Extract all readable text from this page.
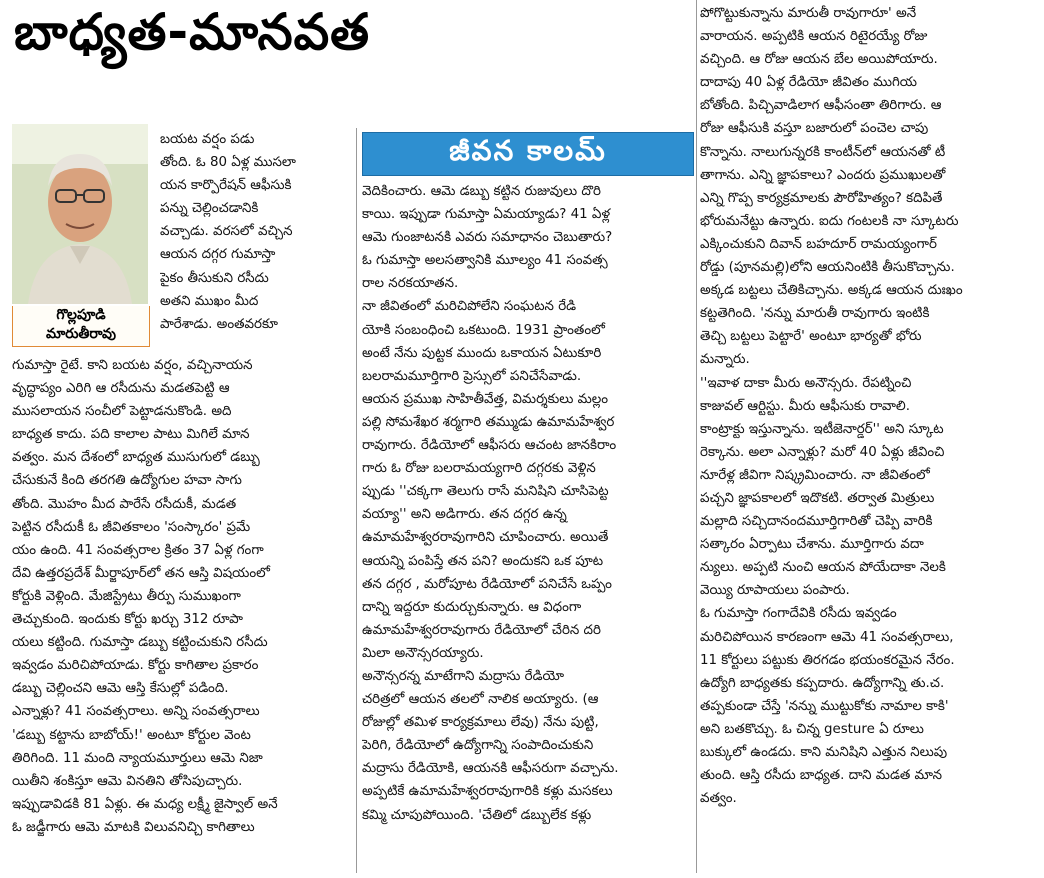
బాధ్యత-మానవత
గొల్లపూడి
మారుతీరావు
జీవన కాలమ్
బయట వర్షం పడు
తోంది. ఓ 80 ఏళ్ల ముసలా
యన కార్పొరేషన్ ఆఫీసుకి
పన్ను చెల్లించడానికి
వచ్చాడు. వరసలో వచ్చిన
ఆయన దగ్గర గుమాస్తా
పైకం తీసుకుని రసీదు
అతని ముఖం మీద
పారేశాడు. అంతవరకూ
గుమాస్తా రైటే. కాని బయట వర్షం, వచ్చినాయన
వృద్ధాప్యం ఎరిగి ఆ రసీదును మడతపెట్టి ఆ
ముసలాయన సంచీలో పెట్టాడనుకొండి. అది
బాధ్యత కాదు. పది కాలాల పాటు మిగిలే మాన
వత్వం. మన దేశంలో బాధ్యత ముసుగులో డబ్బు
చేసుకునే కింది తరగతి ఉద్యోగుల హవా సాగు
తోంది. మొహం మీద పారేసే రసీదుకీ, మడత
పెట్టిన రసీదుకీ ఓ జీవితకాలం 'సంస్కారం' ప్రమే
యం ఉంది. 41 సంవత్సరాల క్రితం 37 ఏళ్ల గంగా
దేవి ఉత్తరప్రదేశ్ మీర్జాపూర్‌లో తన ఆస్తి విషయంలో
కోర్టుకి వెళ్లింది. మేజిస్ట్రేటు తీర్పు సుముఖంగా
తెచ్చుకుంది. ఇందుకు కోర్టు ఖర్చు 312 రూపా
యలు కట్టింది. గుమాస్తా డబ్బు కట్టించుకుని రసీదు
ఇవ్వడం మరిచిపోయాడు. కోర్టు కాగితాల ప్రకారం
డబ్బు చెల్లించని ఆమె ఆస్తి కేసుల్లో పడింది.
ఎన్నాళ్లు? 41 సంవత్సరాలు. అన్ని సంవత్సరాలు
'డబ్బు కట్టాను బాబోయ్!' అంటూ కోర్టుల వెంట
తిరిగింది. 11 మంది న్యాయమూర్తులు ఆమె నిజా
యితీని శంకిస్తూ ఆమె వినతిని తోసిపుచ్చారు.
ఇప్పుడావిడకి 81 ఏళ్లు. ఈ మధ్య లక్ష్మీ జైస్వాల్ అనే
ఓ జడ్జీగారు ఆమె మాటకి విలువనిచ్చి కాగితాలు
వెదికించారు. ఆమె డబ్బు కట్టిన రుజువులు దొరి
కాయి. ఇప్పుడా గుమాస్తా ఏమయ్యాడు? 41 ఏళ్ల
ఆమె గుంజాటనకి ఎవరు సమాధానం చెబుతారు?
ఓ గుమాస్తా అలసత్వానికి మూల్యం 41 సంవత్స
రాల నరకయాతన.
నా జీవితంలో మరిచిపోలేని సంఘటన రేడి
యోకి సంబంధించి ఒకటుంది. 1931 ప్రాంతంలో
అంటే నేను పుట్టక ముందు ఒకాయన ఏటుకూరి
బలరామమూర్తిగారి ప్రెస్సులో పనిచేసేవాడు.
ఆయన ప్రముఖ సాహితీవేత్త, విమర్శకులు మల్లం
పల్లి సోమశేఖర శర్మగారి తమ్ముడు ఉమామహేశ్వర
రావుగారు. రేడియోలో ఆఫీసరు ఆచంట జానకిరాం
గారు ఓ రోజు బలరామయ్యగారి దగ్గరకు వెళ్లిన
ప్పుడు ''చక్కగా తెలుగు రాసే మనిషిని చూసిపెట్ట
వయ్యా'' అని అడిగారు. తన దగ్గర ఉన్న
ఉమామహేశ్వరరావుగారిని చూపించారు. అయితే
ఆయన్ని పంపిస్తే తన పని? అందుకని ఒక పూట
తన దగ్గర , మరోపూట రేడియోలో పనిచేసే ఒప్పం
దాన్ని ఇద్దరూ కుదుర్చుకున్నారు. ఆ విధంగా
ఉమామహేశ్వరరావుగారు రేడియోలో చేరిన దరి
మిలా అనౌన్సరయ్యారు.
అనౌన్సరన్న మాటేగాని మద్రాసు రేడియో
చరిత్రలో ఆయన తలలో నాలిక అయ్యారు. (ఆ
రోజుల్లో తమిళ కార్యక్రమాలు లేవు) నేను పుట్టి,
పెరిగి, రేడియోలో ఉద్యోగాన్ని సంపాదించుకుని
మద్రాసు రేడియోకి, ఆయనకి ఆఫీసరుగా వచ్చాను.
అప్పటికే ఉమామహేశ్వరరావుగారికి కళ్లు మసకలు
కమ్మి చూపుపోయింది. 'చేతిలో డబ్బులేక కళ్లు
పోగొట్టుకున్నాను మారుతీ రావుగారూ' అనే
వారాయన. అప్పటికి ఆయన రిటైరయ్యే రోజు
వచ్చింది. ఆ రోజు ఆయన బేల అయిపోయారు.
దాదాపు 40 ఏళ్ల రేడియో జీవితం ముగియ
బోతోంది. పిచ్చివాడిలాగ ఆఫీసంతా తిరిగారు. ఆ
రోజు ఆఫీసుకి వస్తూ బజారులో పంచెల చాపు
కొన్నాను. నాలుగున్నరకి కాంటీన్‌లో ఆయనతో టీ
తాగాను. ఎన్ని జ్ఞాపకాలు? ఎందరు ప్రముఖులతో
ఎన్ని గొప్ప కార్యక్రమాలకు పౌరోహిత్యం? కదిపితే
భోరుమనేట్టు ఉన్నారు. ఐదు గంటలకి నా స్కూటరు
ఎక్కించుకుని దివాన్ బహదూర్ రామయ్యంగార్
రోడ్డు (పూనమల్లి)లోని ఆయనింటికి తీసుకొచ్చాను.
అక్కడ బట్టలు చేతికిచ్చాను. అక్కడ ఆయన దుఃఖం
కట్టతెగింది. 'నన్ను మారుతీ రావుగారు ఇంటికి
తెచ్చి బట్టలు పెట్టారే' అంటూ భార్యతో భోరు
మన్నారు.
''ఇవాళ దాకా మీరు అనౌన్సరు. రేపట్నించి
కాజువల్ ఆర్టిస్టు. మీరు ఆఫీసుకు రావాలి.
కాంట్రాక్టు ఇస్తున్నాను. ఇటీజెనార్డర్'' అని స్కూట
రెక్కాను. అలా ఎన్నాళ్లు? మరో 40 ఏళ్లు జీవించి
నూరేళ్ల జీవిగా నిష్క్రమించారు. నా జీవితంలో
పచ్చని జ్ఞాపకాలలో ఇదొకటి. తర్వాత మిత్రులు
మల్లాది సచ్చిదానందమూర్తిగారితో చెప్పి వారికి
సత్కారం ఏర్పాటు చేశాను. మూర్తిగారు వదా
న్యులు. అప్పటి నుంచి ఆయన పోయేదాకా నెలకి
వెయ్యి రూపాయలు పంపారు.
ఓ గుమాస్తా గంగాదేవికి రసీదు ఇవ్వడం
మరిచిపోయిన కారణంగా ఆమె 41 సంవత్సరాలు,
11 కోర్టులు పట్టుకు తిరగడం భయంకరమైన నేరం.
ఉద్యోగి బాధ్యతకు కప్పదారు. ఉద్యోగాన్ని తు.చ.
తప్పకుండా చేస్తే 'నన్ను ముట్టుకోకు నామాల కాకి'
అని బతకొచ్చు. ఓ చిన్న gesture ఏ రూలు
బుక్కులో ఉండదు. కాని మనిషిని ఎత్తున నిలుపు
తుంది. ఆస్తి రసీదు బాధ్యత. దాని మడత మాన
వత్వం.
